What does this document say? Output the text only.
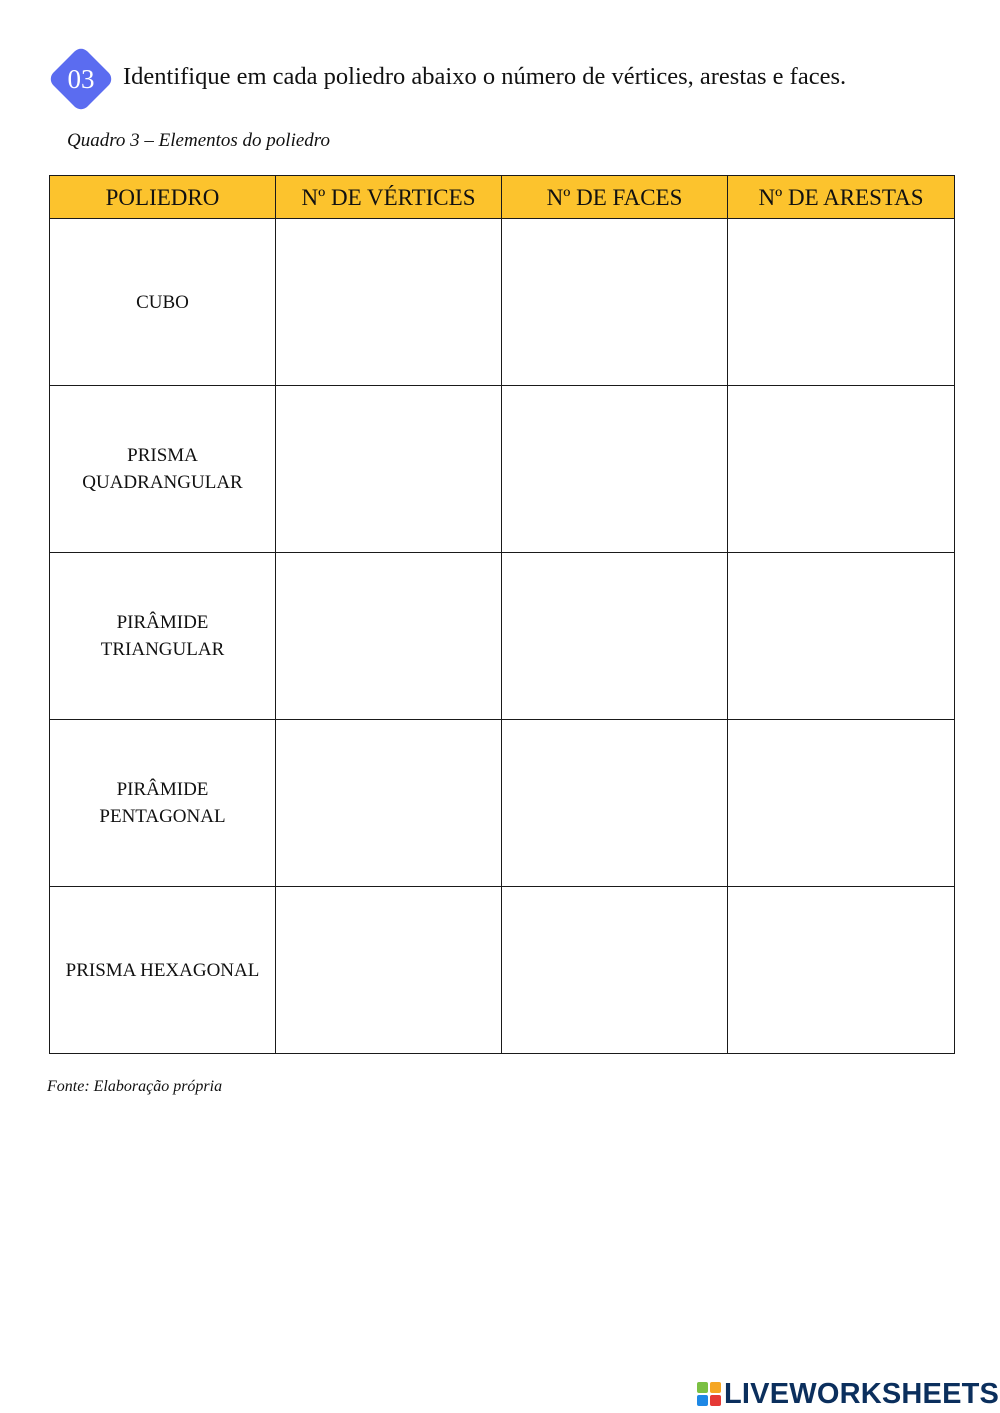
03	Identifique em cada poliedro abaixo o número de vértices, arestas e faces.
Quadro 3 – Elementos do poliedro
POLIEDRO	Nº DE VÉRTICES	Nº DE FACES	Nº DE ARESTAS

CUBO			

PRISMA
QUADRANGULAR			

PIRÂMIDE
TRIANGULAR			

PIRÂMIDE
PENTAGONAL			

PRISMA HEXAGONAL			

Fonte: Elaboração própria
LIVEWORKSHEETS
